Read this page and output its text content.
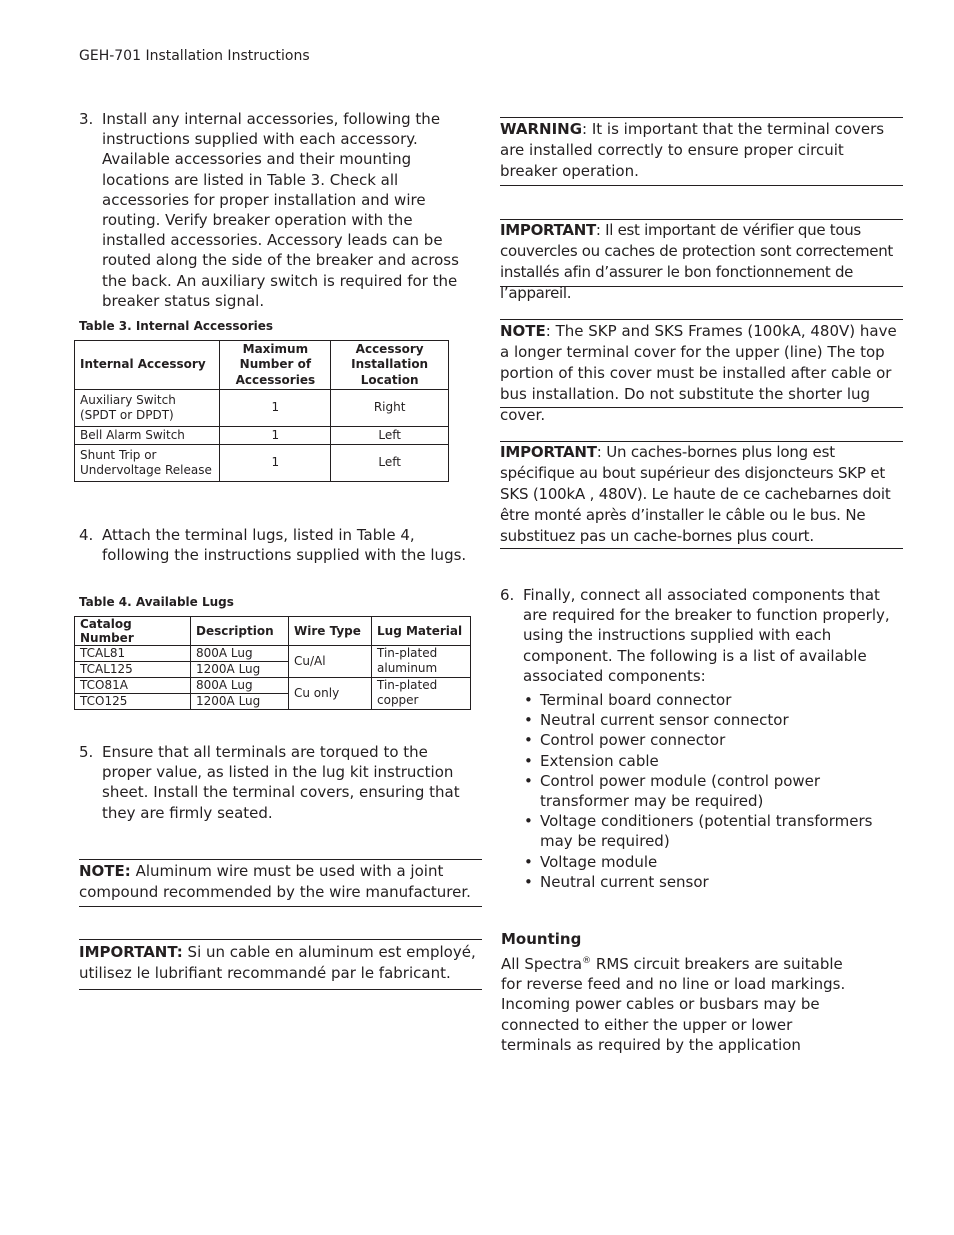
GEH-701 Installation Instructions
3. Install any internal accessories, following the instructions supplied with each accessory. Available accessories and their mounting locations are listed in Table 3. Check all accessories for proper installation and wire routing. Verify breaker operation with the installed accessories. Accessory leads can be routed along the side of the breaker and across the back. An auxiliary switch is required for the breaker status signal.
Table 3. Internal Accessories
Internal Accessory	Maximum Number of Accessories	Accessory Installation Location
Auxiliary Switch (SPDT or DPDT)	1	Right
Bell Alarm Switch	1	Left
Shunt Trip or Undervoltage Release	1	Left
4. Attach the terminal lugs, listed in Table 4, following the instructions supplied with the lugs.
Table 4. Available Lugs
Catalog Number	Description	Wire Type	Lug Material
TCAL81	800A Lug	Cu/Al	Tin-plated aluminum
TCAL125	1200A Lug		
TCO81A	800A Lug	Cu only	Tin-plated copper
TCO125	1200A Lug		
5. Ensure that all terminals are torqued to the proper value, as listed in the lug kit instruction sheet. Install the terminal covers, ensuring that they are firmly seated.
NOTE: Aluminum wire must be used with a joint compound recommended by the wire manufacturer.
IMPORTANT: Si un cable en aluminum est employé, utilisez le lubrifiant recommandé par le fabricant.
WARNING: It is important that the terminal covers are installed correctly to ensure proper circuit breaker operation.
IMPORTANT: Il est important de vérifier que tous couvercles ou caches de protection sont correctement installés afin d’assurer le bon fonctionnement de l’appareil.
NOTE: The SKP and SKS Frames (100kA, 480V) have a longer terminal cover for the upper (line) The top portion of this cover must be installed after cable or bus installation. Do not substitute the shorter lug cover.
IMPORTANT: Un caches-bornes plus long est spécifique au bout supérieur des disjoncteurs SKP et SKS (100kA , 480V). Le haute de ce cachebarnes doit être monté après d’installer le câble ou le bus. Ne substituez pas un cache-bornes plus court.
6. Finally, connect all associated components that are required for the breaker to function properly, using the instructions supplied with each component. The following is a list of available associated components:
• Terminal board connector
• Neutral current sensor connector
• Control power connector
• Extension cable
• Control power module (control power transformer may be required)
• Voltage conditioners (potential transformers may be required)
• Voltage module
• Neutral current sensor
Mounting
All Spectra® RMS circuit breakers are suitable for reverse feed and no line or load markings. Incoming power cables or busbars may be connected to either the upper or lower terminals as required by the application
